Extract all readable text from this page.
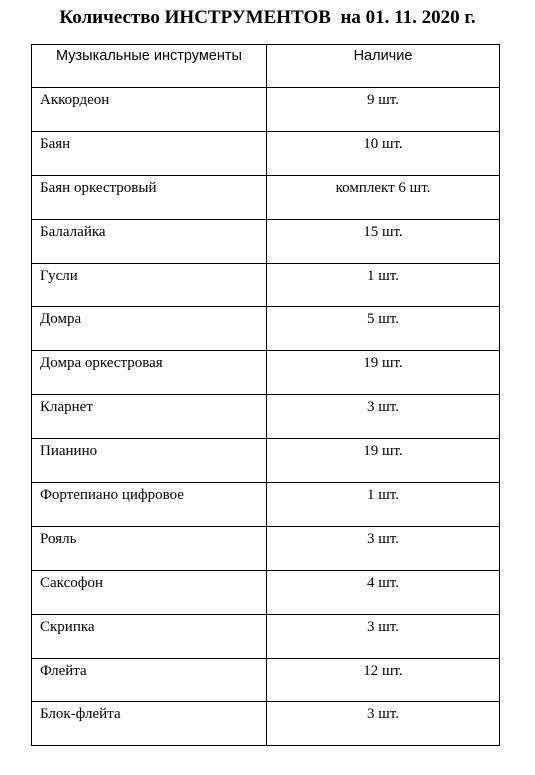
Количество ИНСТРУМЕНТОВ  на 01. 11. 2020 г.
Музыкальные инструменты	Наличие
Аккордеон	9 шт.
Баян	10 шт.
Баян оркестровый	комплект 6 шт.
Балалайка	15 шт.
Гусли	1 шт.
Домра	5 шт.
Домра оркестровая	19 шт.
Кларнет	3 шт.
Пианино	19 шт.
Фортепиано цифровое	1 шт.
Рояль	3 шт.
Саксофон	4 шт.
Скрипка	3 шт.
Флейта	12 шт.
Блок-флейта	3 шт.
